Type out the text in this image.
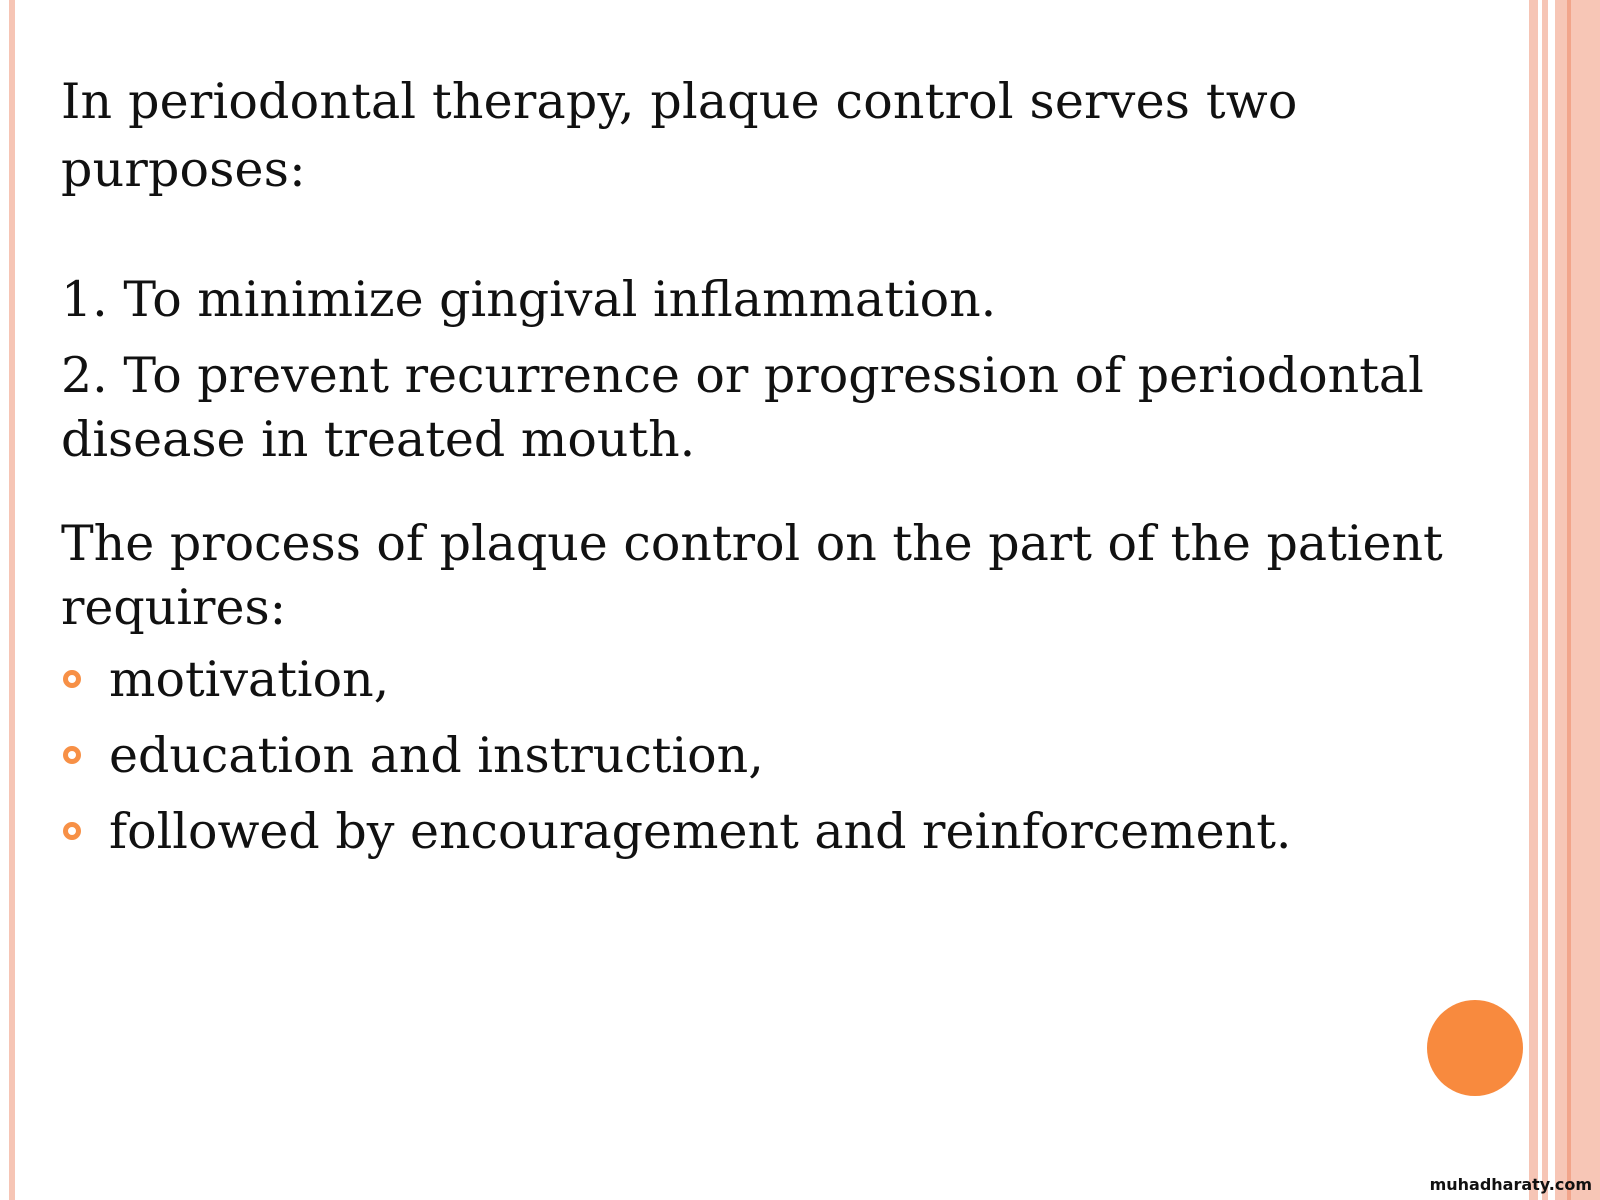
In periodontal therapy, plaque control serves two purposes:

1. To minimize gingival inflammation.
2. To prevent recurrence or progression of periodontal disease in treated mouth.

The process of plaque control on the part of the patient requires:

motivation,
education and instruction,
followed by encouragement and reinforcement.
muhadharaty.com
